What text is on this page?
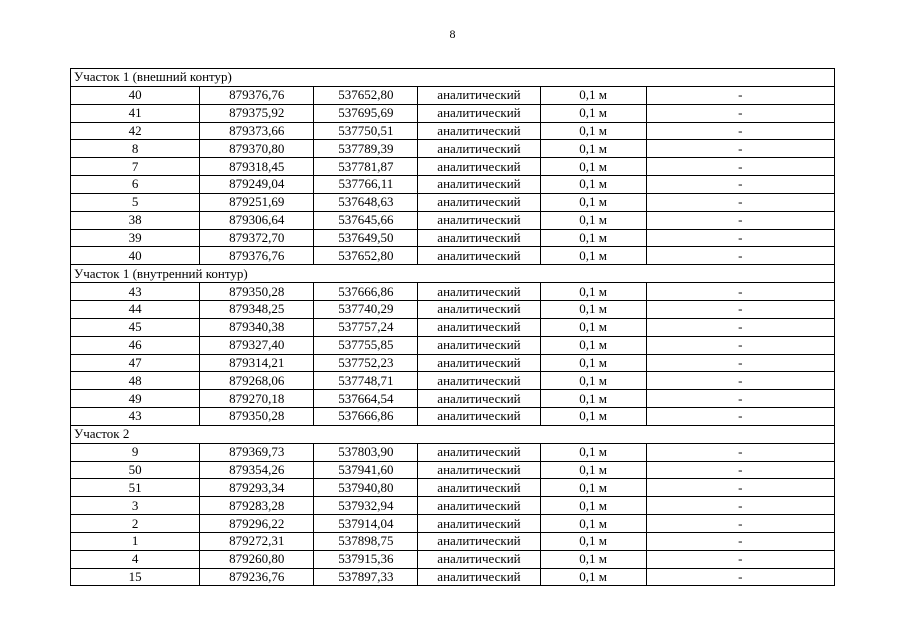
8
Участок 1 (внешний контур)					
40	879376,76	537652,80	аналитический	0,1 м	-
41	879375,92	537695,69	аналитический	0,1 м	-
42	879373,66	537750,51	аналитический	0,1 м	-
8	879370,80	537789,39	аналитический	0,1 м	-
7	879318,45	537781,87	аналитический	0,1 м	-
6	879249,04	537766,11	аналитический	0,1 м	-
5	879251,69	537648,63	аналитический	0,1 м	-
38	879306,64	537645,66	аналитический	0,1 м	-
39	879372,70	537649,50	аналитический	0,1 м	-
40	879376,76	537652,80	аналитический	0,1 м	-
Участок 1 (внутренний контур)					
43	879350,28	537666,86	аналитический	0,1 м	-
44	879348,25	537740,29	аналитический	0,1 м	-
45	879340,38	537757,24	аналитический	0,1 м	-
46	879327,40	537755,85	аналитический	0,1 м	-
47	879314,21	537752,23	аналитический	0,1 м	-
48	879268,06	537748,71	аналитический	0,1 м	-
49	879270,18	537664,54	аналитический	0,1 м	-
43	879350,28	537666,86	аналитический	0,1 м	-
Участок 2					
9	879369,73	537803,90	аналитический	0,1 м	-
50	879354,26	537941,60	аналитический	0,1 м	-
51	879293,34	537940,80	аналитический	0,1 м	-
3	879283,28	537932,94	аналитический	0,1 м	-
2	879296,22	537914,04	аналитический	0,1 м	-
1	879272,31	537898,75	аналитический	0,1 м	-
4	879260,80	537915,36	аналитический	0,1 м	-
15	879236,76	537897,33	аналитический	0,1 м	-
